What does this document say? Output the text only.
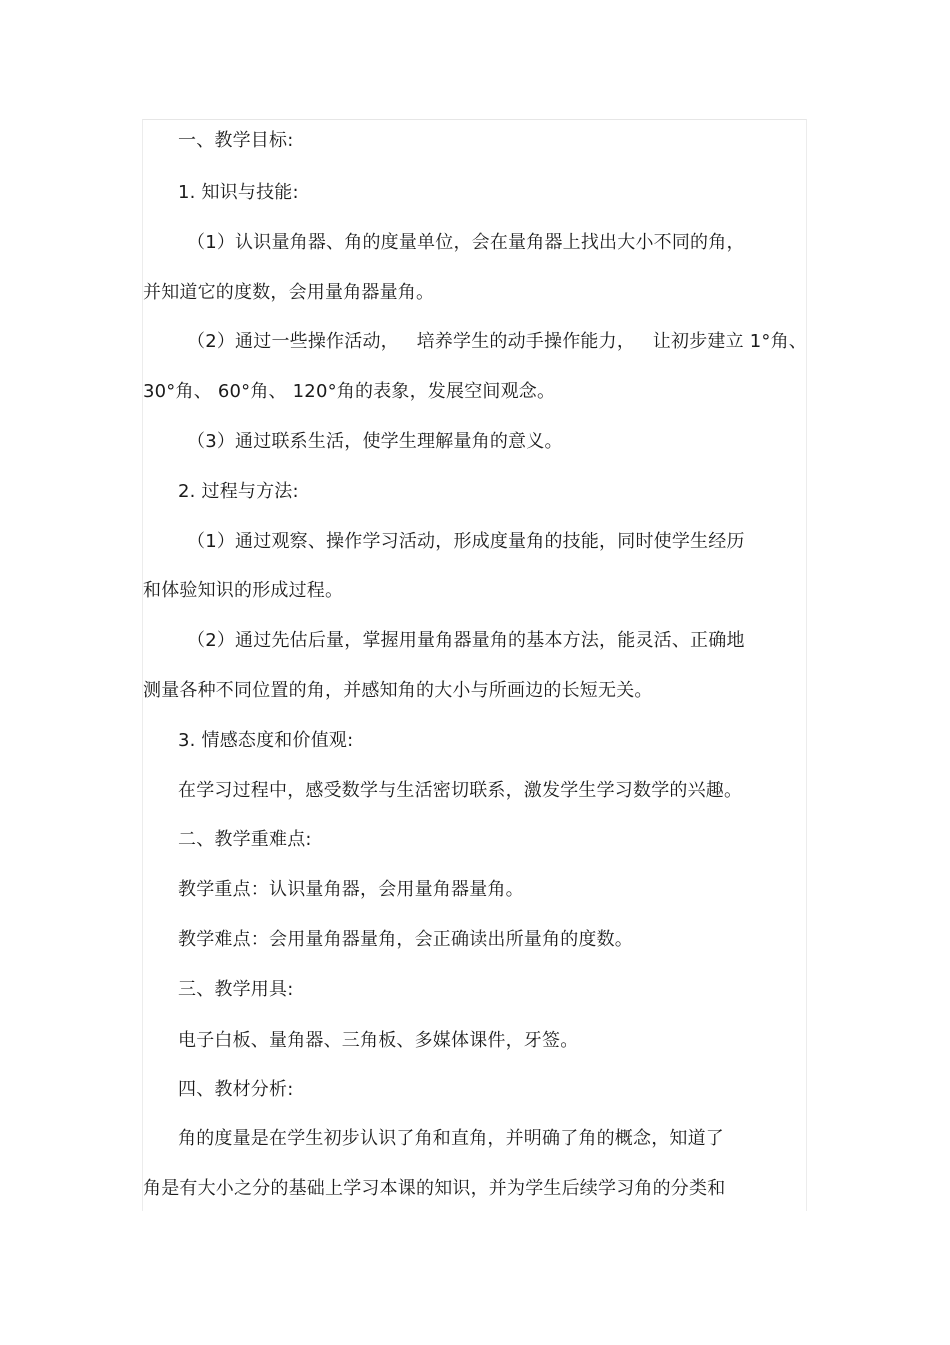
一、教学目标:
1. 知识与技能:
（1）认识量角器、角的度量单位，会在量角器上找出大小不同的角，
并知道它的度数，会用量角器量角。
（2）通过一些操作活动， 培养学生的动手操作能力， 让初步建立 1°角、
30°角、 60°角、 120°角的表象，发展空间观念。
（3）通过联系生活，使学生理解量角的意义。
2. 过程与方法:
（1）通过观察、操作学习活动，形成度量角的技能，同时使学生经历
和体验知识的形成过程。
（2）通过先估后量，掌握用量角器量角的基本方法，能灵活、正确地
测量各种不同位置的角，并感知角的大小与所画边的长短无关。
3. 情感态度和价值观:
在学习过程中，感受数学与生活密切联系，激发学生学习数学的兴趣。
二、教学重难点:
教学重点：认识量角器，会用量角器量角。
教学难点：会用量角器量角，会正确读出所量角的度数。
三、教学用具:
电子白板、量角器、三角板、多媒体课件，牙签。
四、教材分析:
角的度量是在学生初步认识了角和直角，并明确了角的概念，知道了
角是有大小之分的基础上学习本课的知识，并为学生后续学习角的分类和
